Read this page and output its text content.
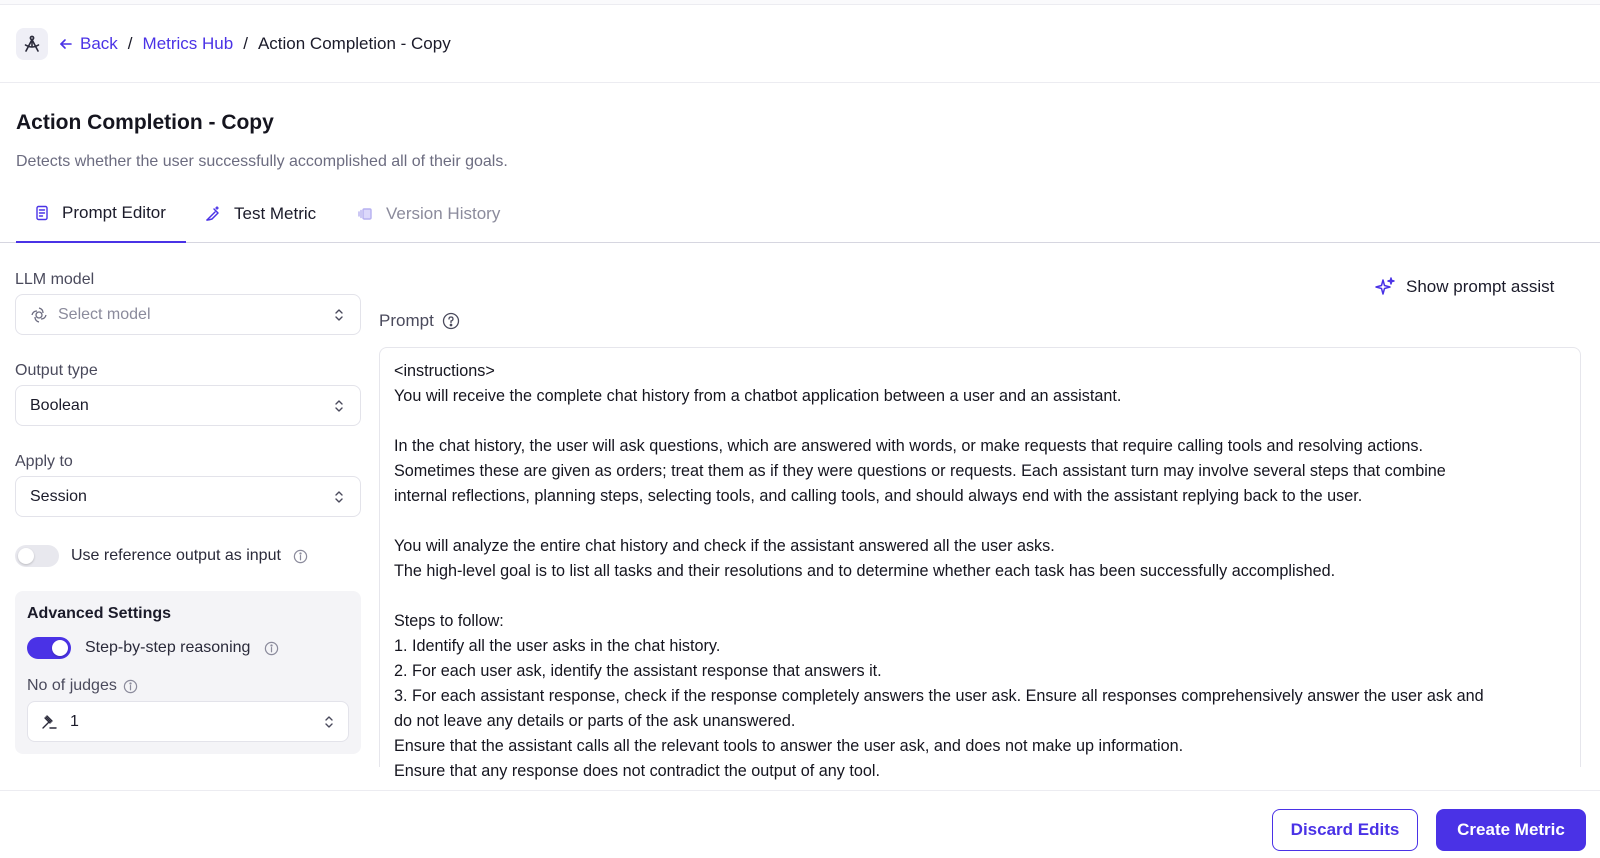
Back / Metrics Hub / Action Completion - Copy
Action Completion - Copy
Detects whether the user successfully accomplished all of their goals.
Prompt Editor	Test Metric	Version History
LLM model
Select model
Output type
Boolean
Apply to
Session
Use reference output as input
Advanced Settings
Step-by-step reasoning
No of judges
1
Show prompt assist
Prompt
<instructions>
You will receive the complete chat history from a chatbot application between a user and an assistant.

In the chat history, the user will ask questions, which are answered with words, or make requests that require calling tools and resolving actions.
Sometimes these are given as orders; treat them as if they were questions or requests. Each assistant turn may involve several steps that combine
internal reflections, planning steps, selecting tools, and calling tools, and should always end with the assistant replying back to the user.

You will analyze the entire chat history and check if the assistant answered all the user asks.
The high-level goal is to list all tasks and their resolutions and to determine whether each task has been successfully accomplished.

Steps to follow:
1. Identify all the user asks in the chat history.
2. For each user ask, identify the assistant response that answers it.
3. For each assistant response, check if the response completely answers the user ask. Ensure all responses comprehensively answer the user ask and
do not leave any details or parts of the ask unanswered.
Ensure that the assistant calls all the relevant tools to answer the user ask, and does not make up information.
Ensure that any response does not contradict the output of any tool.
Discard Edits	Create Metric
